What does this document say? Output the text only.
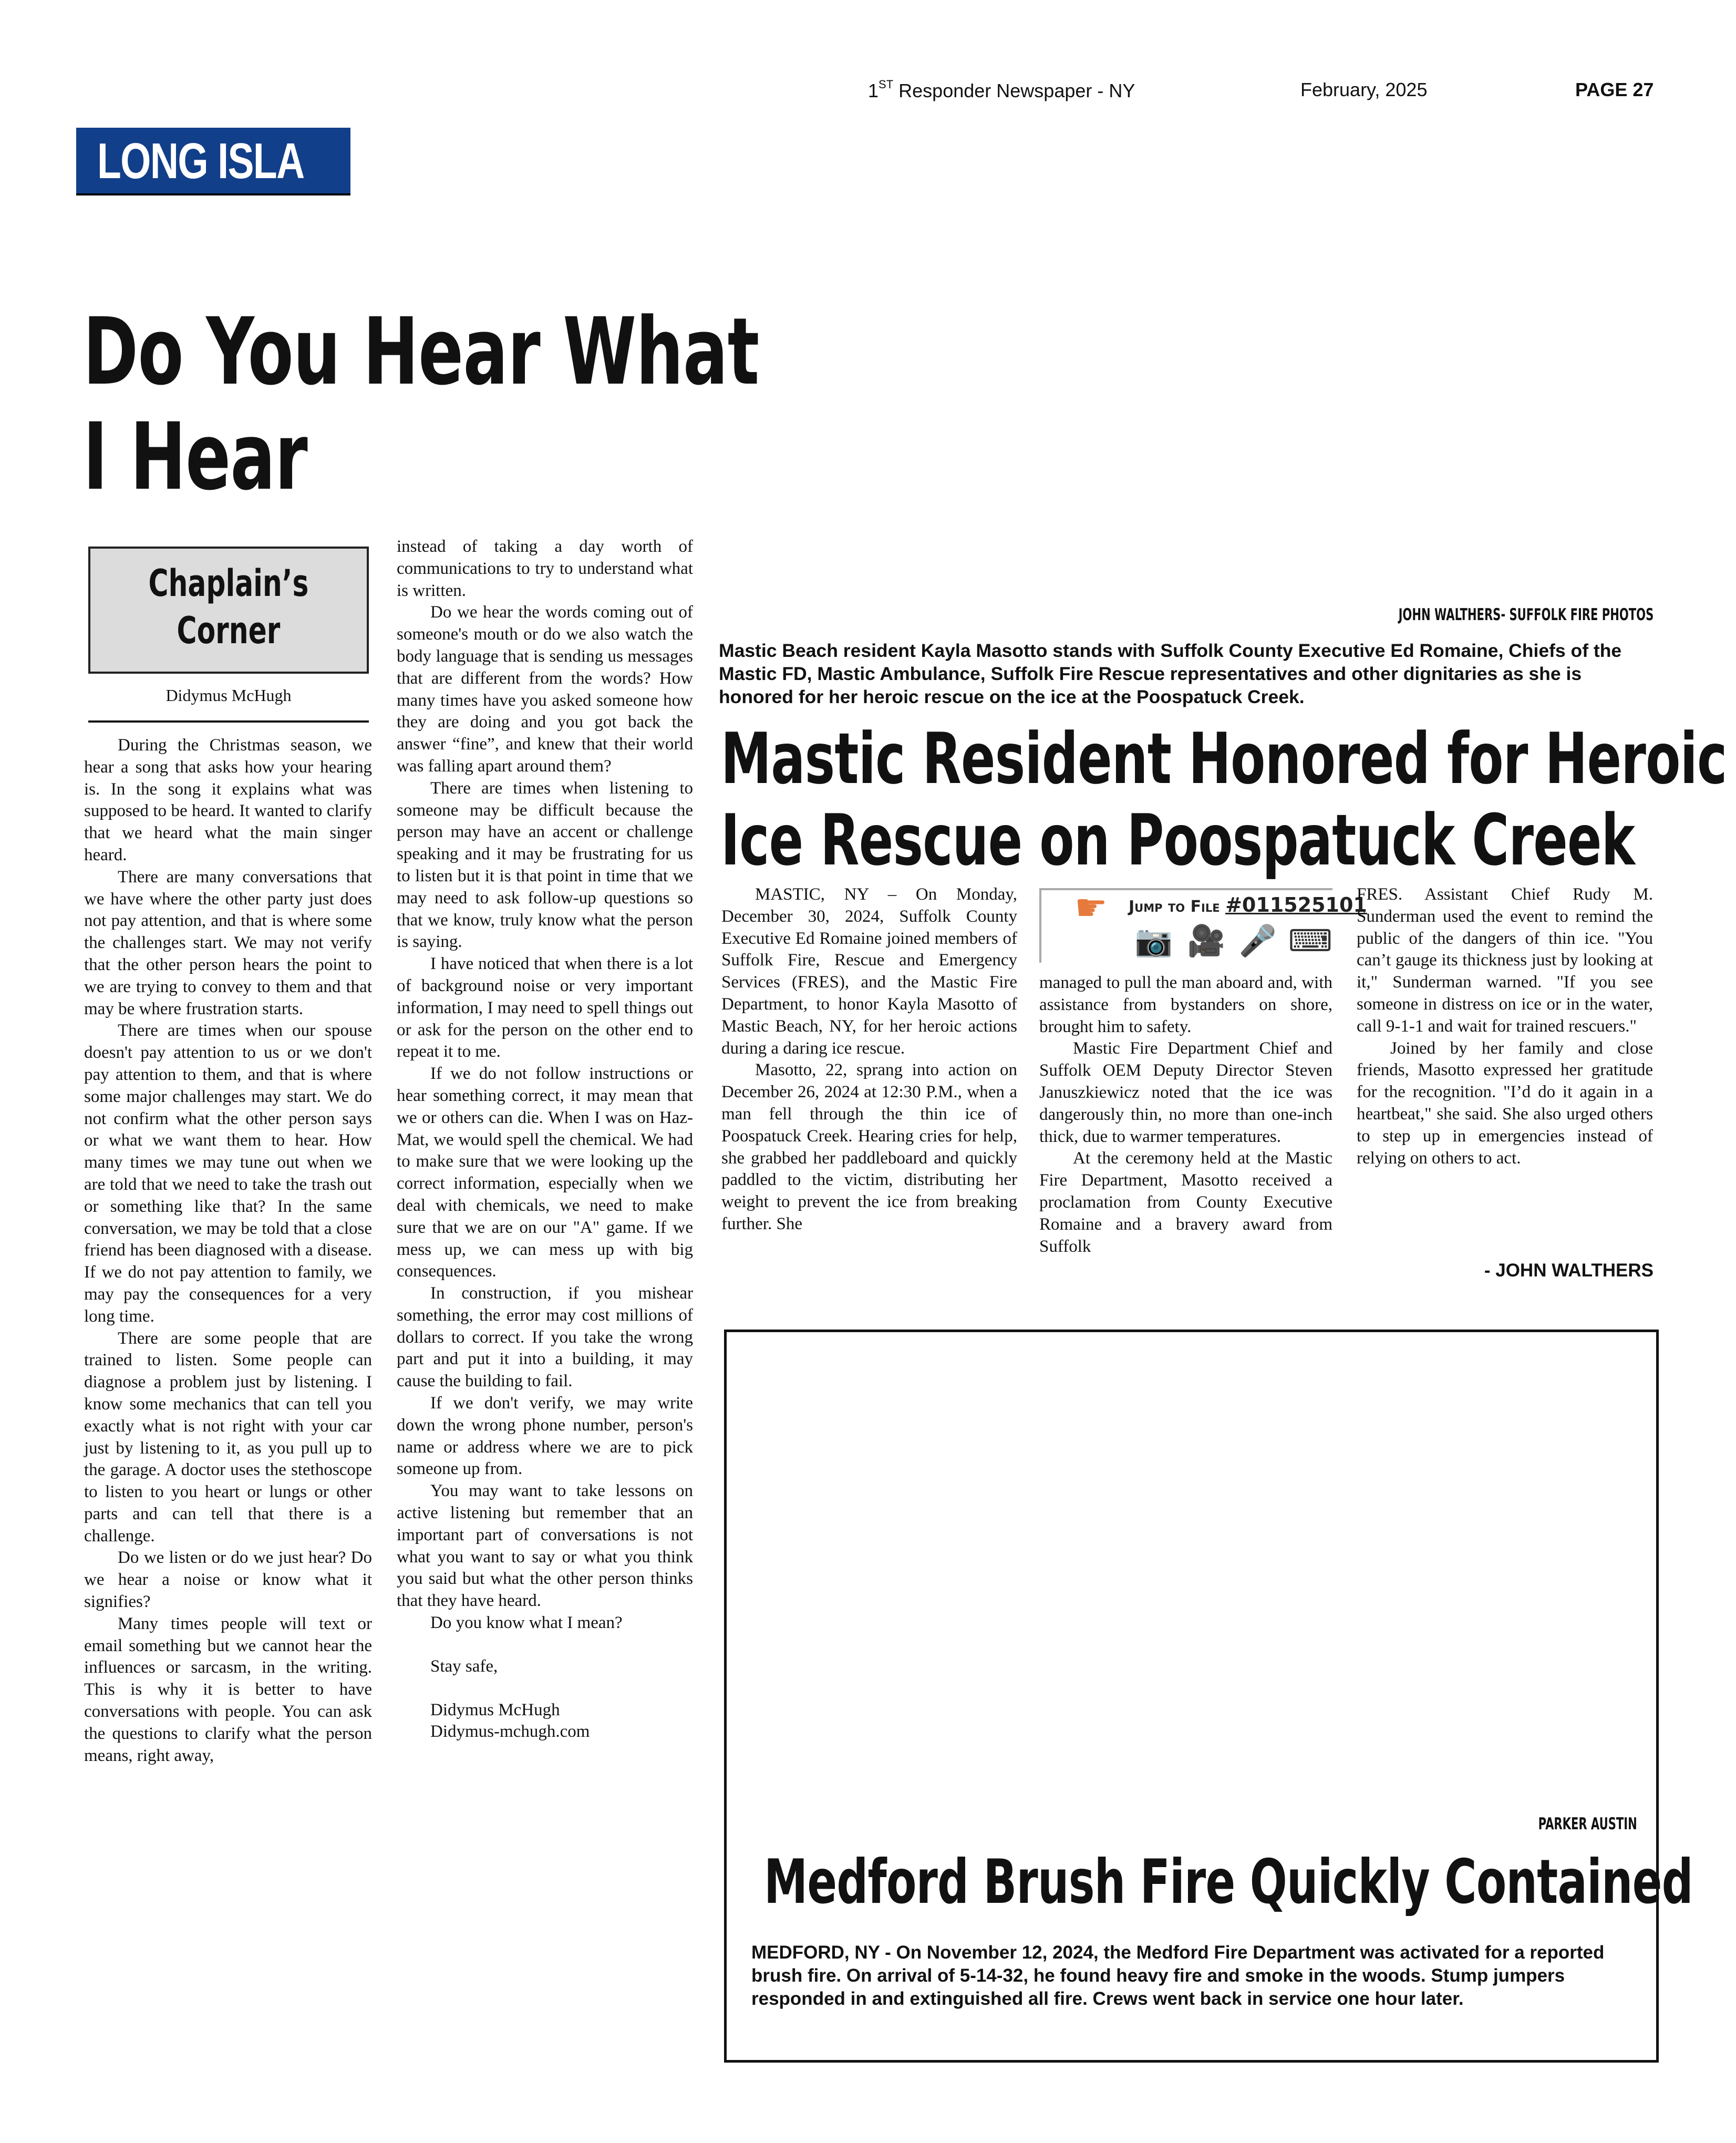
1ST Responder Newspaper - NY	February, 2025	PAGE 27
LONG ISLA
Do You Hear What
I Hear
Chaplain’s
Corner
Didymus McHugh

During the Christmas season, we hear a song that asks how your hearing is. In the song it explains what was supposed to be heard. It wanted to clarify that we heard what the main singer heard.

There are many conversations that we have where the other party just does not pay attention, and that is where some the challenges start. We may not verify that the other person hears the point to we are trying to convey to them and that may be where frustration starts.

There are times when our spouse doesn't pay attention to us or we don't pay attention to them, and that is where some major challenges may start. We do not confirm what the other person says or what we want them to hear. How many times we may tune out when we are told that we need to take the trash out or something like that? In the same conversation, we may be told that a close friend has been diagnosed with a disease. If we do not pay attention to family, we may pay the consequences for a very long time.

There are some people that are trained to listen. Some people can diagnose a problem just by listening. I know some mechanics that can tell you exactly what is not right with your car just by listening to it, as you pull up to the garage. A doctor uses the stethoscope to listen to you heart or lungs or other parts and can tell that there is a challenge.

Do we listen or do we just hear? Do we hear a noise or know what it signifies?

Many times people will text or email something but we cannot hear the influences or sarcasm, in the writing. This is why it is better to have conversations with people. You can ask the questions to clarify what the person means, right away,

instead of taking a day worth of communications to try to understand what is written.

Do we hear the words coming out of someone's mouth or do we also watch the body language that is sending us messages that are different from the words? How many times have you asked someone how they are doing and you got back the answer “fine”, and knew that their world was falling apart around them?

There are times when listening to someone may be difficult because the person may have an accent or challenge speaking and it may be frustrating for us to listen but it is that point in time that we may need to ask follow-up questions so that we know, truly know what the person is saying.

I have noticed that when there is a lot of background noise or very important information, I may need to spell things out or ask for the person on the other end to repeat it to me.

If we do not follow instructions or hear something correct, it may mean that we or others can die. When I was on Haz-Mat, we would spell the chemical. We had to make sure that we were looking up the correct information, especially when we deal with chemicals, we need to make sure that we are on our "A" game. If we mess up, we can mess up with big consequences.

In construction, if you mishear something, the error may cost millions of dollars to correct. If you take the wrong part and put it into a building, it may cause the building to fail.

If we don't verify, we may write down the wrong phone number, person's name or address where we are to pick someone up from.

You may want to take lessons on active listening but remember that an important part of conversations is not what you want to say or what you think you said but what the other person thinks that they have heard.

Do you know what I mean?

Stay safe,

Didymus McHugh

Didymus-mchugh.com

JOHN WALTHERS- SUFFOLK FIRE PHOTOS
Mastic Beach resident Kayla Masotto stands with Suffolk County Executive Ed Romaine, Chiefs of the Mastic FD, Mastic Ambulance, Suffolk Fire Rescue representatives and other dignitaries as she is honored for her heroic rescue on the ice at the Poospatuck Creek.
Mastic Resident Honored for Heroic
Ice Rescue on Poospatuck Creek

MASTIC, NY – On Monday, December 30, 2024, Suffolk County Executive Ed Romaine joined members of Suffolk Fire, Rescue and Emergency Services (FRES), and the Mastic Fire Department, to honor Kayla Masotto of Mastic Beach, NY, for her heroic actions during a daring ice rescue.

Masotto, 22, sprang into action on December 26, 2024 at 12:30 P.M., when a man fell through the thin ice of Poospatuck Creek. Hearing cries for help, she grabbed her paddleboard and quickly paddled to the victim, distributing her weight to prevent the ice from breaking further. She

☛ Jump to File #011525101
📷 🎥 🎤 ⌨

managed to pull the man aboard and, with assistance from bystanders on shore, brought him to safety.

Mastic Fire Department Chief and Suffolk OEM Deputy Director Steven Januszkiewicz noted that the ice was dangerously thin, no more than one-inch thick, due to warmer temperatures.

At the ceremony held at the Mastic Fire Department, Masotto received a proclamation from County Executive Romaine and a bravery award from Suffolk

FRES. Assistant Chief Rudy M. Sunderman used the event to remind the public of the dangers of thin ice. "You can’t gauge its thickness just by looking at it," Sunderman warned. "If you see someone in distress on ice or in the water, call 9-1-1 and wait for trained rescuers."

Joined by her family and close friends, Masotto expressed her gratitude for the recognition. "I’d do it again in a heartbeat," she said. She also urged others to step up in emergencies instead of relying on others to act.

- JOHN WALTHERS
PARKER AUSTIN
Medford Brush Fire Quickly Contained
MEDFORD, NY - On November 12, 2024, the Medford Fire Department was activated for a reported brush fire. On arrival of 5-14-32, he found heavy fire and smoke in the woods. Stump jumpers responded in and extinguished all fire. Crews went back in service one hour later.
